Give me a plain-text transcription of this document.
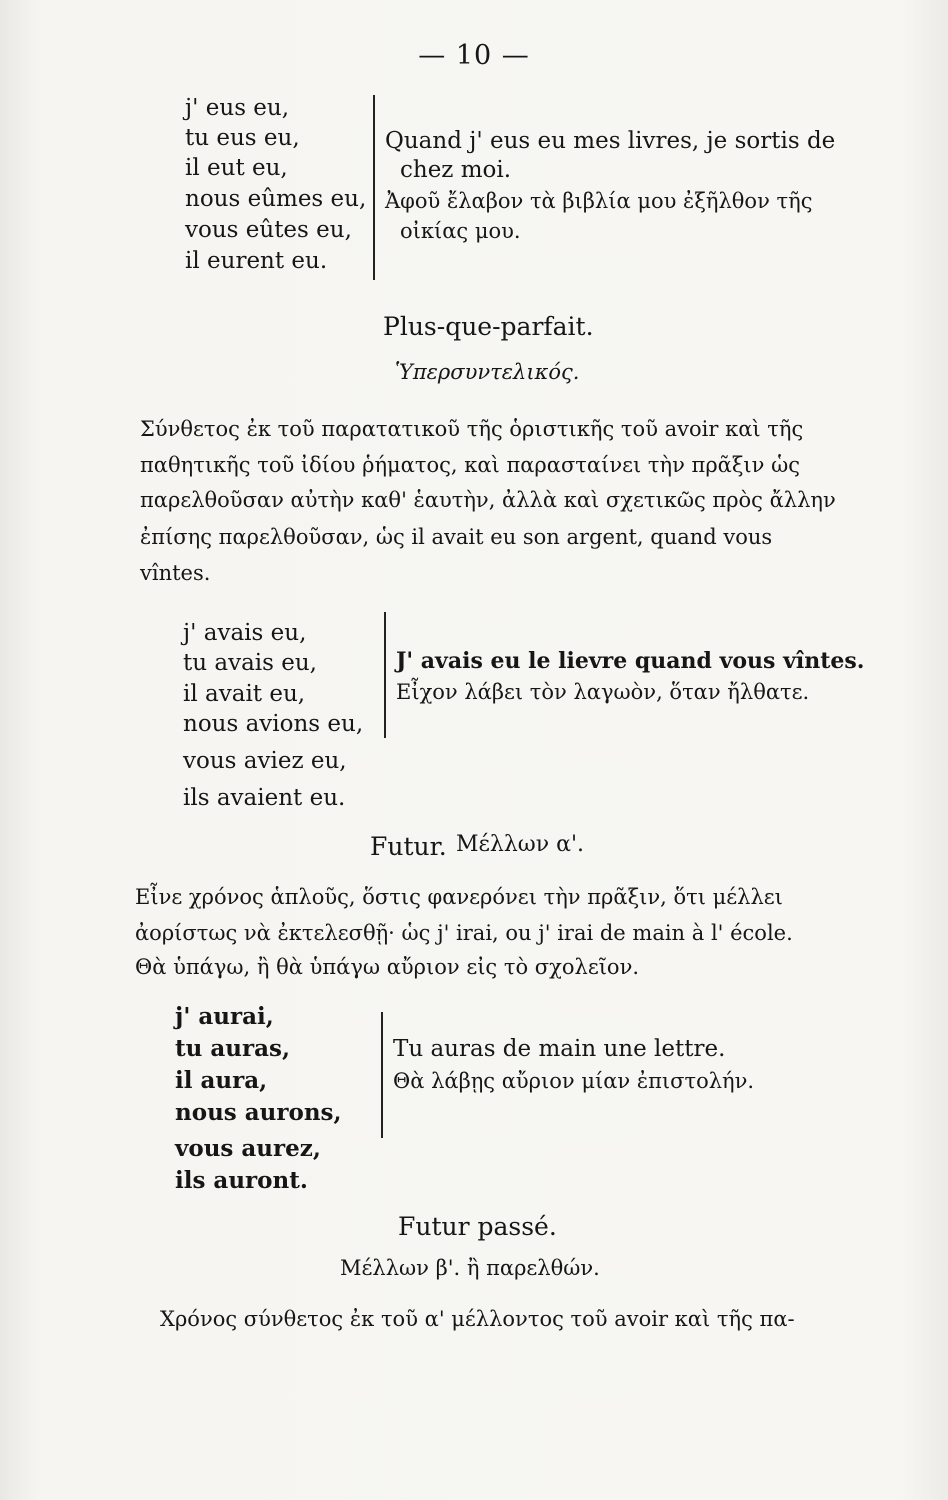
— 10 —
j' eus eu,
tu eus eu,
il eut eu,
nous eûmes eu,
vous eûtes eu,
il eurent eu.
Quand j' eus eu mes livres, je sortis de
chez moi.
Ἀφοῦ ἔλαβον τὰ βιβλία μου ἐξῆλθον τῆς
οἰκίας μου.
Plus-que-parfait.
Ὑπερσυντελικός.
Σύνθετος ἐκ τοῦ παρατατικοῦ τῆς ὁριστικῆς τοῦ avoir καὶ τῆς
παθητικῆς τοῦ ἰδίου ῥήματος, καὶ παρασταίνει τὴν πρᾶξιν ὡς
παρελθοῦσαν αὐτὴν καθ' ἑαυτὴν, ἀλλὰ καὶ σχετικῶς πρὸς ἄλλην
ἐπίσης παρελθοῦσαν, ὡς il avait eu son argent, quand vous
vîntes.
j' avais eu,
tu avais eu,
il avait eu,
nous avions eu,
vous aviez eu,
ils avaient eu.
J' avais eu le lievre quand vous vîntes.
Εἶχον λάβει τὸν λαγωὸν, ὅταν ἤλθατε.
Futur. Μέλλων α'.
Εἶνε χρόνος ἁπλοῦς, ὅστις φανερόνει τὴν πρᾶξιν, ὅτι μέλλει
ἀορίστως νὰ ἐκτελεσθῇ· ὡς j' irai, ou j' irai de main à l' école.
Θὰ ὑπάγω, ἢ θὰ ὑπάγω αὔριον εἰς τὸ σχολεῖον.
j' aurai,
tu auras,
il aura,
nous aurons,
vous aurez,
ils auront.
Tu auras de main une lettre.
Θὰ λάβῃς αὔριον μίαν ἐπιστολήν.
Futur passé.
Μέλλων β'. ἢ παρελθών.
Χρόνος σύνθετος ἐκ τοῦ α' μέλλοντος τοῦ avoir καὶ τῆς πα-
